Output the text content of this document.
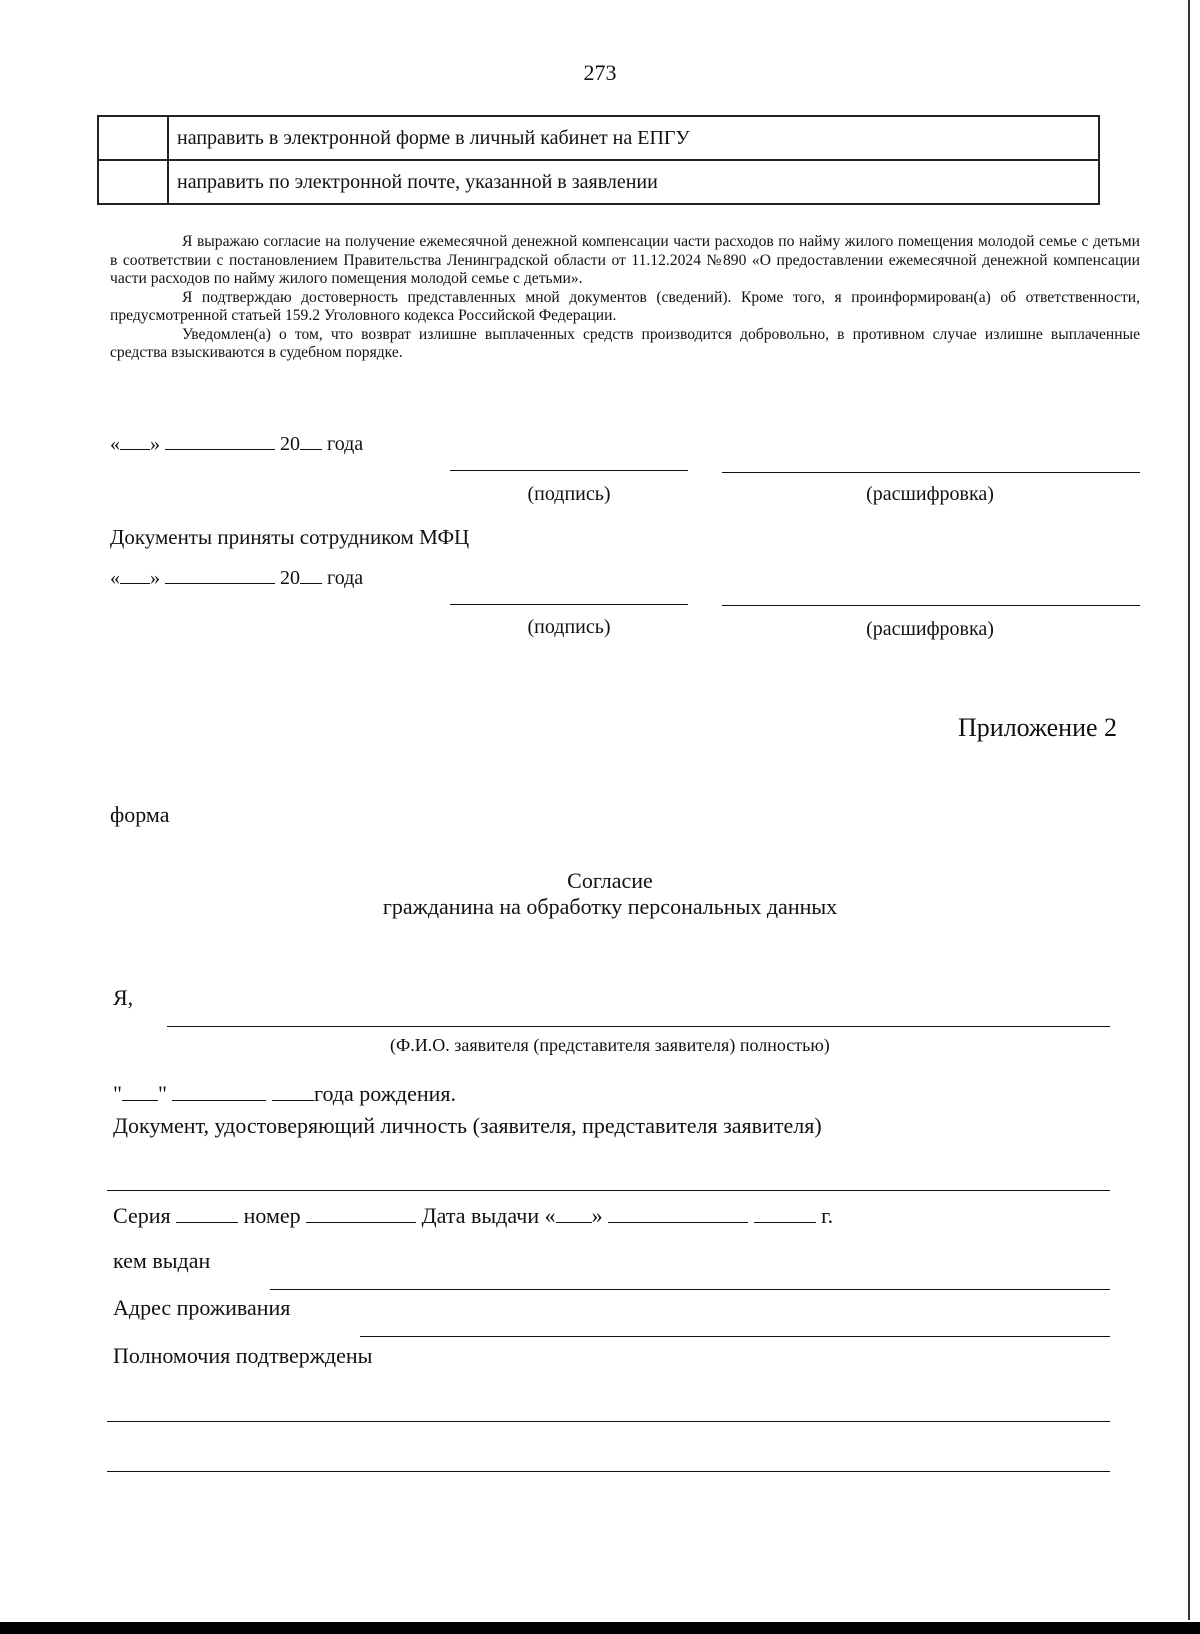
273
	направить в электронной форме в личный кабинет на ЕПГУ
	направить по электронной почте, указанной в заявлении

Я выражаю согласие на получение ежемесячной денежной компенсации части расходов по найму жилого помещения молодой семье с детьми в соответствии с постановлением Правительства Ленинградской области от 11.12.2024 №890 «О предоставлении ежемесячной денежной компенсации части расходов по найму жилого помещения молодой семье с детьми».

Я подтверждаю достоверность представленных мной документов (сведений). Кроме того, я проинформирован(а) об ответственности, предусмотренной статьей 159.2 Уголовного кодекса Российской Федерации.

Уведомлен(а) о том, что возврат излишне выплаченных средств производится добровольно, в противном случае излишне выплаченные средства взыскиваются в судебном порядке.

« »	20 года
(подпись)	(расшифровка)
Документы приняты сотрудником МФЦ
« »	20 года
(подпись)	(расшифровка)
Приложение 2
форма
Согласие
гражданина на обработку персональных данных
Я,
(Ф.И.О. заявителя (представителя заявителя) полностью)
" "	года рождения.
Документ, удостоверяющий личность (заявителя, представителя заявителя)
Серия	номер	Дата выдачи « »	г.
кем выдан
Адрес проживания
Полномочия подтверждены
